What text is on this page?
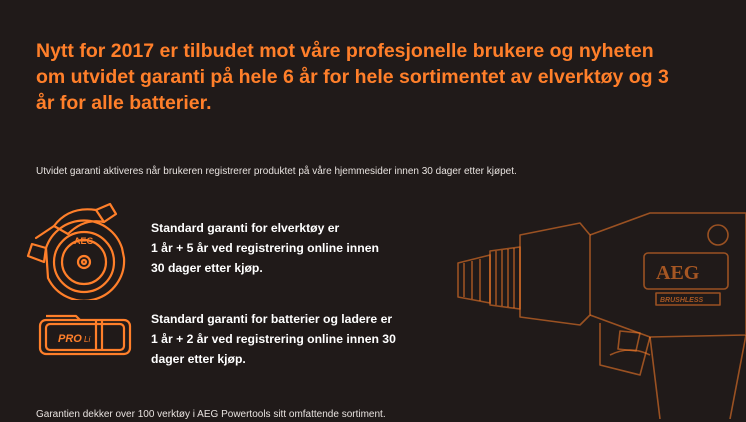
Nytt for 2017 er tilbudet mot våre profesjonelle brukere og nyheten om utvidet garanti på hele 6 år for hele sortimentet av elverktøy og 3 år for alle batterier.

Utvidet garanti aktiveres når brukeren registrerer produktet på våre hjemmesider innen 30 dager etter kjøpet.

AEG

Standard garanti for elverktøy er
1 år + 5 år ved registrering online innen
30 dager etter kjøp.

PRO Li

Standard garanti for batterier og ladere er
1 år + 2 år ved registrering online innen 30
dager etter kjøp.

AEG
BRUSHLESS

Garantien dekker over 100 verktøy i AEG Powertools sitt omfattende sortiment.
